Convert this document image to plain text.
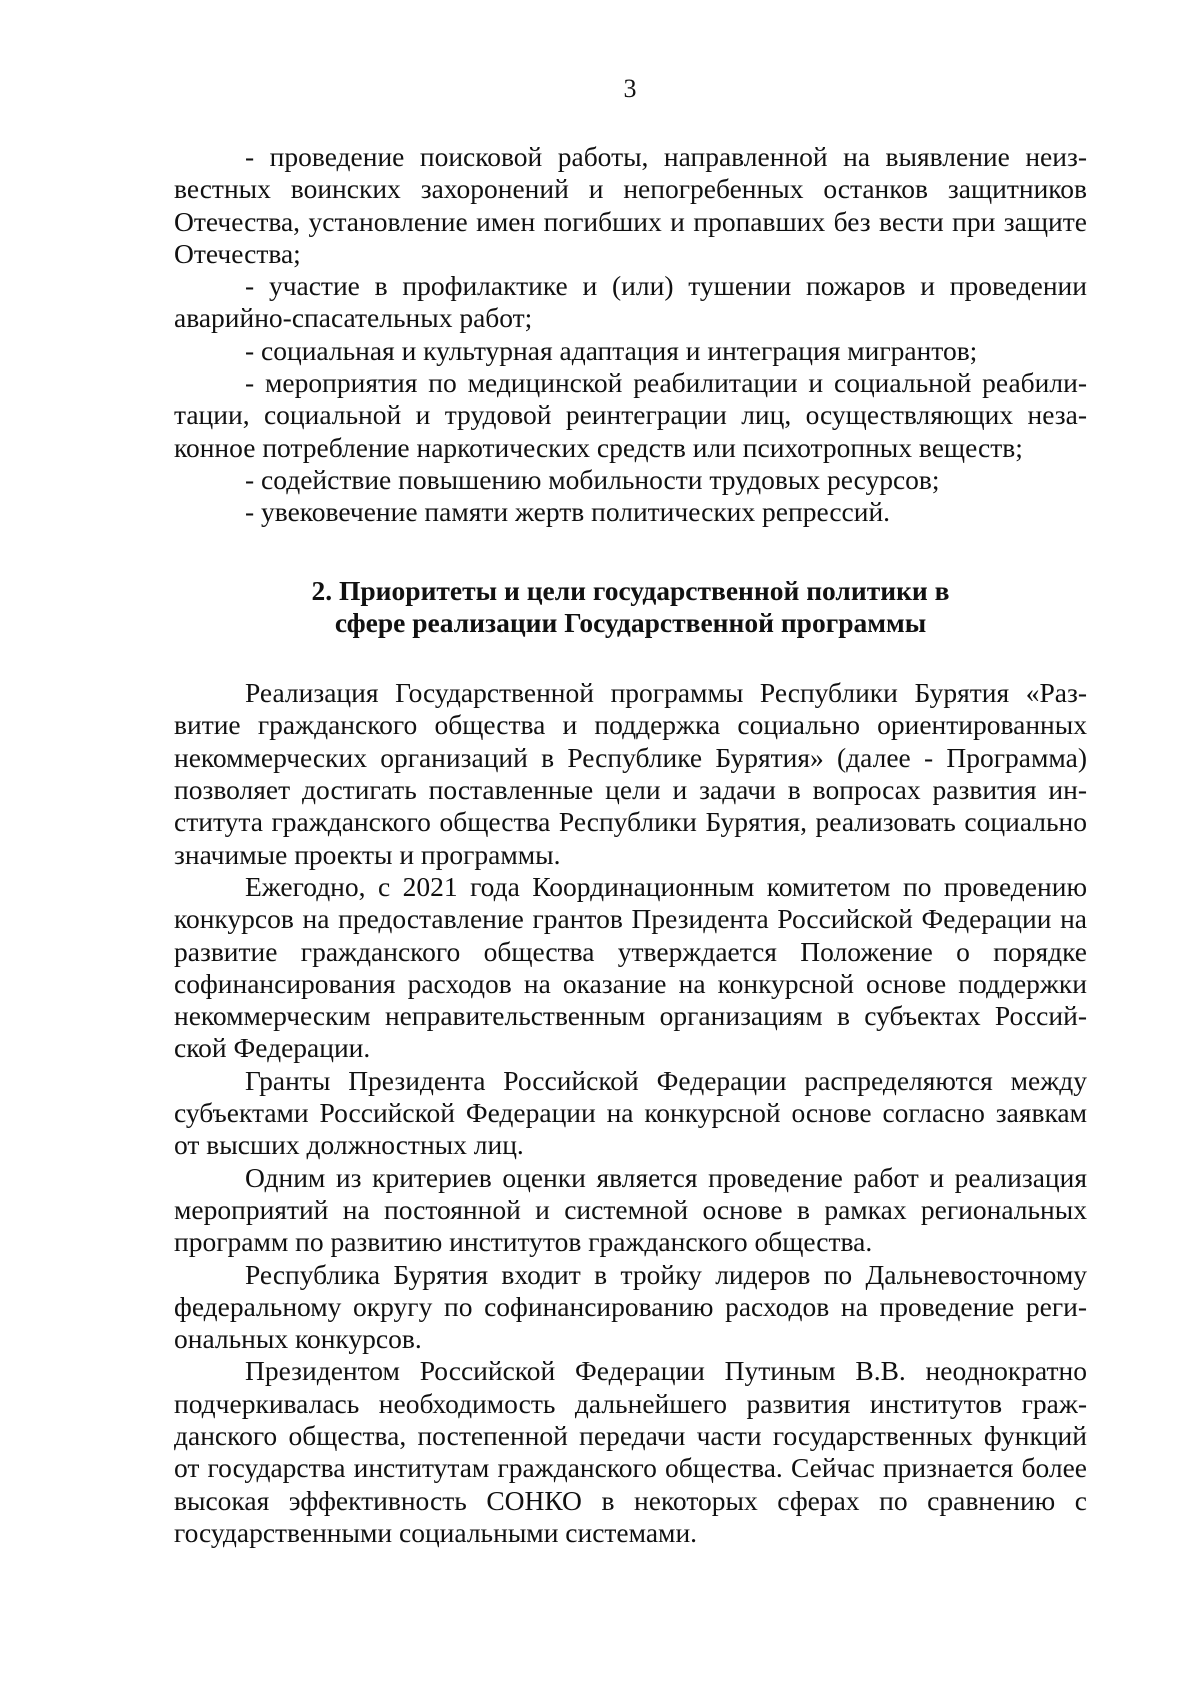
3

- проведение поисковой работы, направленной на выявление неизвестных воинских захоронений и непогребенных останков защитников Отечества, установление имен погибших и пропавших без вести при защите Отечества;

- участие в профилактике и (или) тушении пожаров и проведении аварийно-спасательных работ;

- социальная и культурная адаптация и интеграция мигрантов;

- мероприятия по медицинской реабилитации и социальной реабилитации, социальной и трудовой реинтеграции лиц, осуществляющих незаконное потребление наркотических средств или психотропных веществ;

- содействие повышению мобильности трудовых ресурсов;

- увековечение памяти жертв политических репрессий.

2. Приоритеты и цели государственной политики в

сфере реализации Государственной программы

Реализация Государственной программы Республики Бурятия «Развитие гражданского общества и поддержка социально ориентированных некоммерческих организаций в Республике Бурятия» (далее - Программа) позволяет достигать поставленные цели и задачи в вопросах развития института гражданского общества Республики Бурятия, реализовать социально значимые проекты и программы.

Ежегодно, с 2021 года Координационным комитетом по проведению конкурсов на предоставление грантов Президента Российской Федерации на развитие гражданского общества утверждается Положение о порядке софинансирования расходов на оказание на конкурсной основе поддержки некоммерческим неправительственным организациям в субъектах Российской Федерации.

Гранты Президента Российской Федерации распределяются между субъектами Российской Федерации на конкурсной основе согласно заявкам от высших должностных лиц.

Одним из критериев оценки является проведение работ и реализация мероприятий на постоянной и системной основе в рамках региональных программ по развитию институтов гражданского общества.

Республика Бурятия входит в тройку лидеров по Дальневосточному федеральному округу по софинансированию расходов на проведение региональных конкурсов.

Президентом Российской Федерации Путиным В.В. неоднократно подчеркивалась необходимость дальнейшего развития институтов гражданского общества, постепенной передачи части государственных функций от государства институтам гражданского общества. Сейчас признается более высокая эффективность СОНКО в некоторых сферах по сравнению с государственными социальными системами.
